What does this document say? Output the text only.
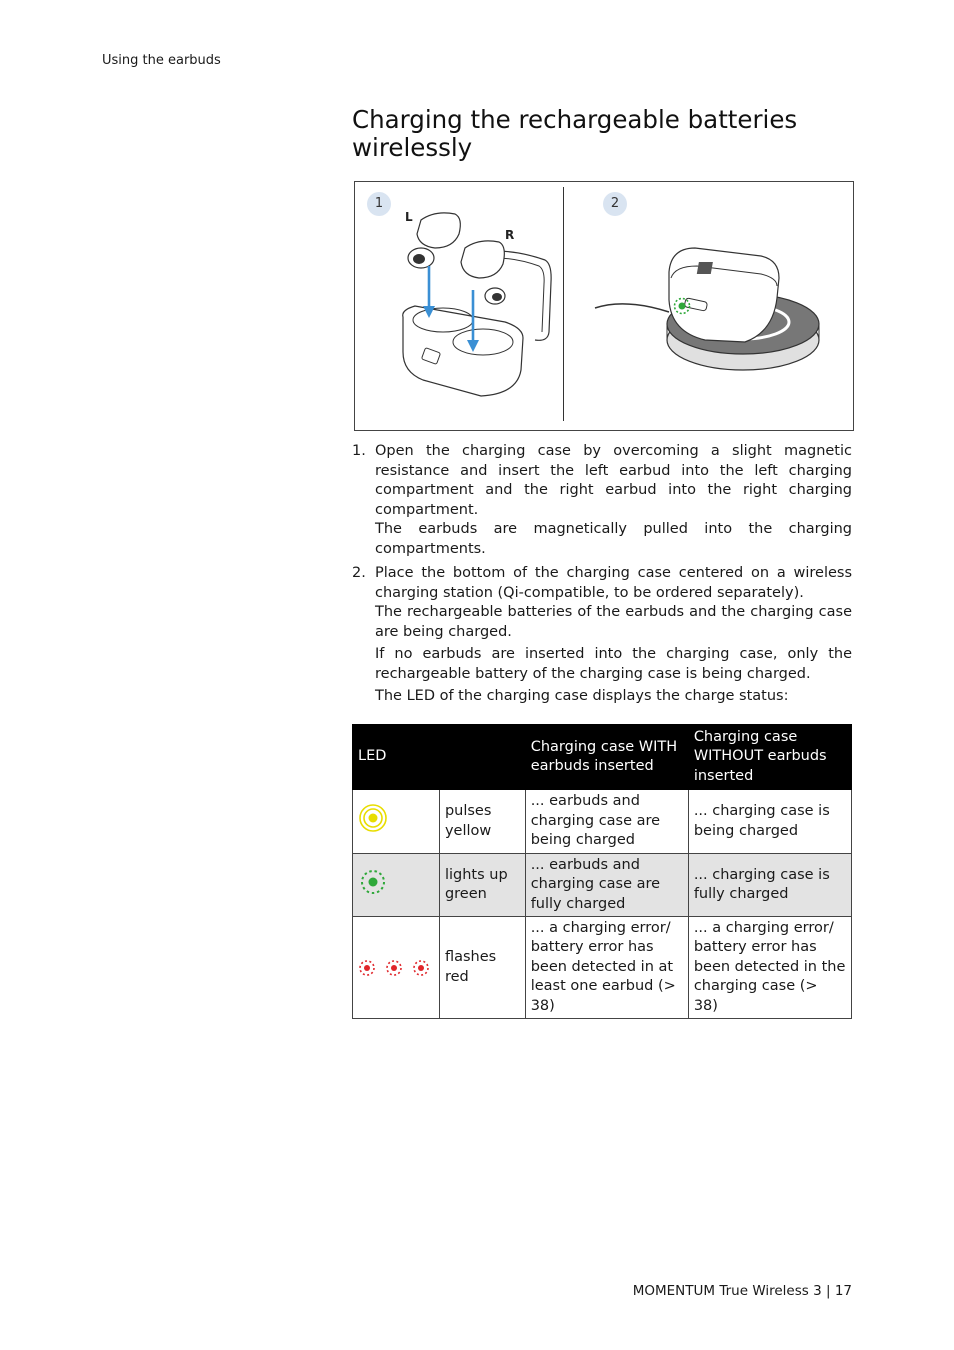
Using the earbuds
Charging the rechargeable batteries wirelessly
1	2
L
R
1. Open the charging case by overcoming a slight magnetic resistance and insert the left earbud into the left charging compartment and the right earbud into the right charging compartment.

The earbuds are magnetically pulled into the charging compartments.

2. Place the bottom of the charging case centered on a wireless charging station (Qi-compatible, to be ordered separately).

The rechargeable batteries of the earbuds and the charging case are being charged.

If no earbuds are inserted into the charging case, only the rechargeable battery of the charging case is being charged.

The LED of the charging case displays the charge status:

LED		Charging case WITH earbuds inserted	Charging case WITHOUT earbuds inserted
	pulses yellow	... earbuds and charging case are being charged	... charging case is being charged
	lights up green	... earbuds and charging case are fully charged	... charging case is fully charged

	flashes red	... a charging error/ battery error has been detected in at least one earbud (> 38)	... a charging error/ battery error has been detected in the charging case (> 38)
MOMENTUM True Wireless 3 | 17
